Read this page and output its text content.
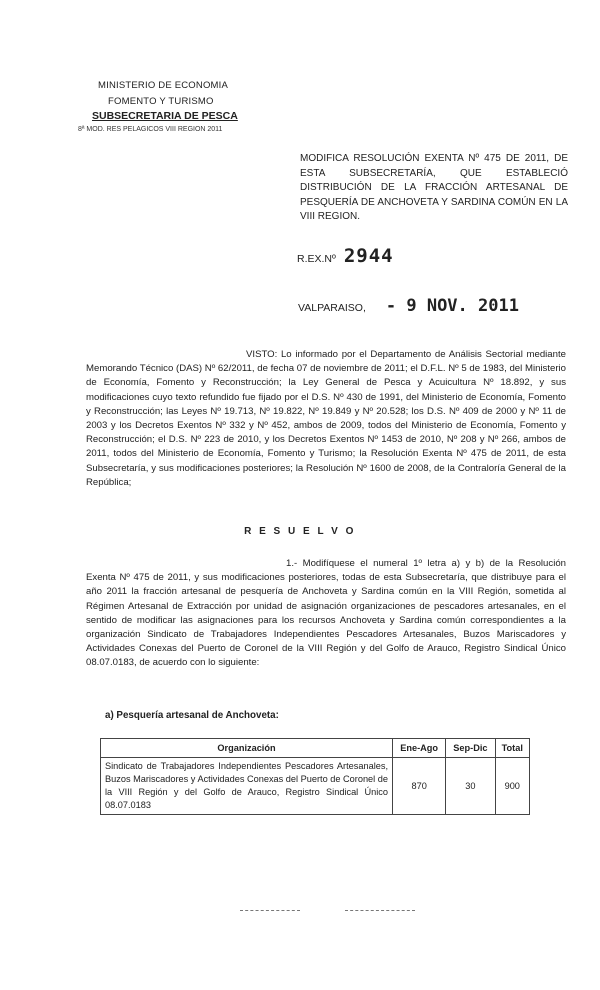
MINISTERIO DE ECONOMIA
FOMENTO Y TURISMO
SUBSECRETARIA DE PESCA
8ª MOD. RES PELAGICOS VIII REGION 2011
MODIFICA RESOLUCIÓN EXENTA Nº 475 DE 2011, DE ESTA SUBSECRETARÍA, QUE ESTABLECIÓ DISTRIBUCIÓN DE LA FRACCIÓN ARTESANAL DE PESQUERÍA DE ANCHOVETA Y SARDINA COMÚN EN LA VIII REGION.
R.EX.Nº 2944
VALPARAISO, - 9 NOV. 2011
VISTO: Lo informado por el Departamento de Análisis Sectorial mediante Memorando Técnico (DAS) Nº 62/2011, de fecha 07 de noviembre de 2011; el D.F.L. Nº 5 de 1983, del Ministerio de Economía, Fomento y Reconstrucción; la Ley General de Pesca y Acuicultura Nº 18.892, y sus modificaciones cuyo texto refundido fue fijado por el D.S. Nº 430 de 1991, del Ministerio de Economía, Fomento y Reconstrucción; las Leyes Nº 19.713, Nº 19.822, Nº 19.849 y Nº 20.528; los D.S. Nº 409 de 2000 y Nº 11 de 2003 y los Decretos Exentos Nº 332 y Nº 452, ambos de 2009, todos del Ministerio de Economía, Fomento y Reconstrucción; el D.S. Nº 223 de 2010, y los Decretos Exentos Nº 1453 de 2010, Nº 208 y Nº 266, ambos de 2011, todos del Ministerio de Economía, Fomento y Turismo; la Resolución Exenta Nº 475 de 2011, de esta Subsecretaría, y sus modificaciones posteriores; la Resolución Nº 1600 de 2008, de la Contraloría General de la República;
R E S U E L V O
1.- Modifíquese el numeral 1º letra a) y b) de la Resolución Exenta Nº 475 de 2011, y sus modificaciones posteriores, todas de esta Subsecretaría, que distribuye para el año 2011 la fracción artesanal de pesquería de Anchoveta y Sardina común en la VIII Región, sometida al Régimen Artesanal de Extracción por unidad de asignación organizaciones de pescadores artesanales, en el sentido de modificar las asignaciones para los recursos Anchoveta y Sardina común correspondientes a la organización Sindicato de Trabajadores Independientes Pescadores Artesanales, Buzos Mariscadores y Actividades Conexas del Puerto de Coronel de la VIII Región y del Golfo de Arauco, Registro Sindical Único 08.07.0183, de acuerdo con lo siguiente:
a) Pesquería artesanal de Anchoveta:
Organización	Ene-Ago	Sep-Dic	Total
Sindicato de Trabajadores Independientes Pescadores Artesanales, Buzos Mariscadores y Actividades Conexas del Puerto de Coronel de la VIII Región y del Golfo de Arauco, Registro Sindical Único 08.07.0183	870	30	900
